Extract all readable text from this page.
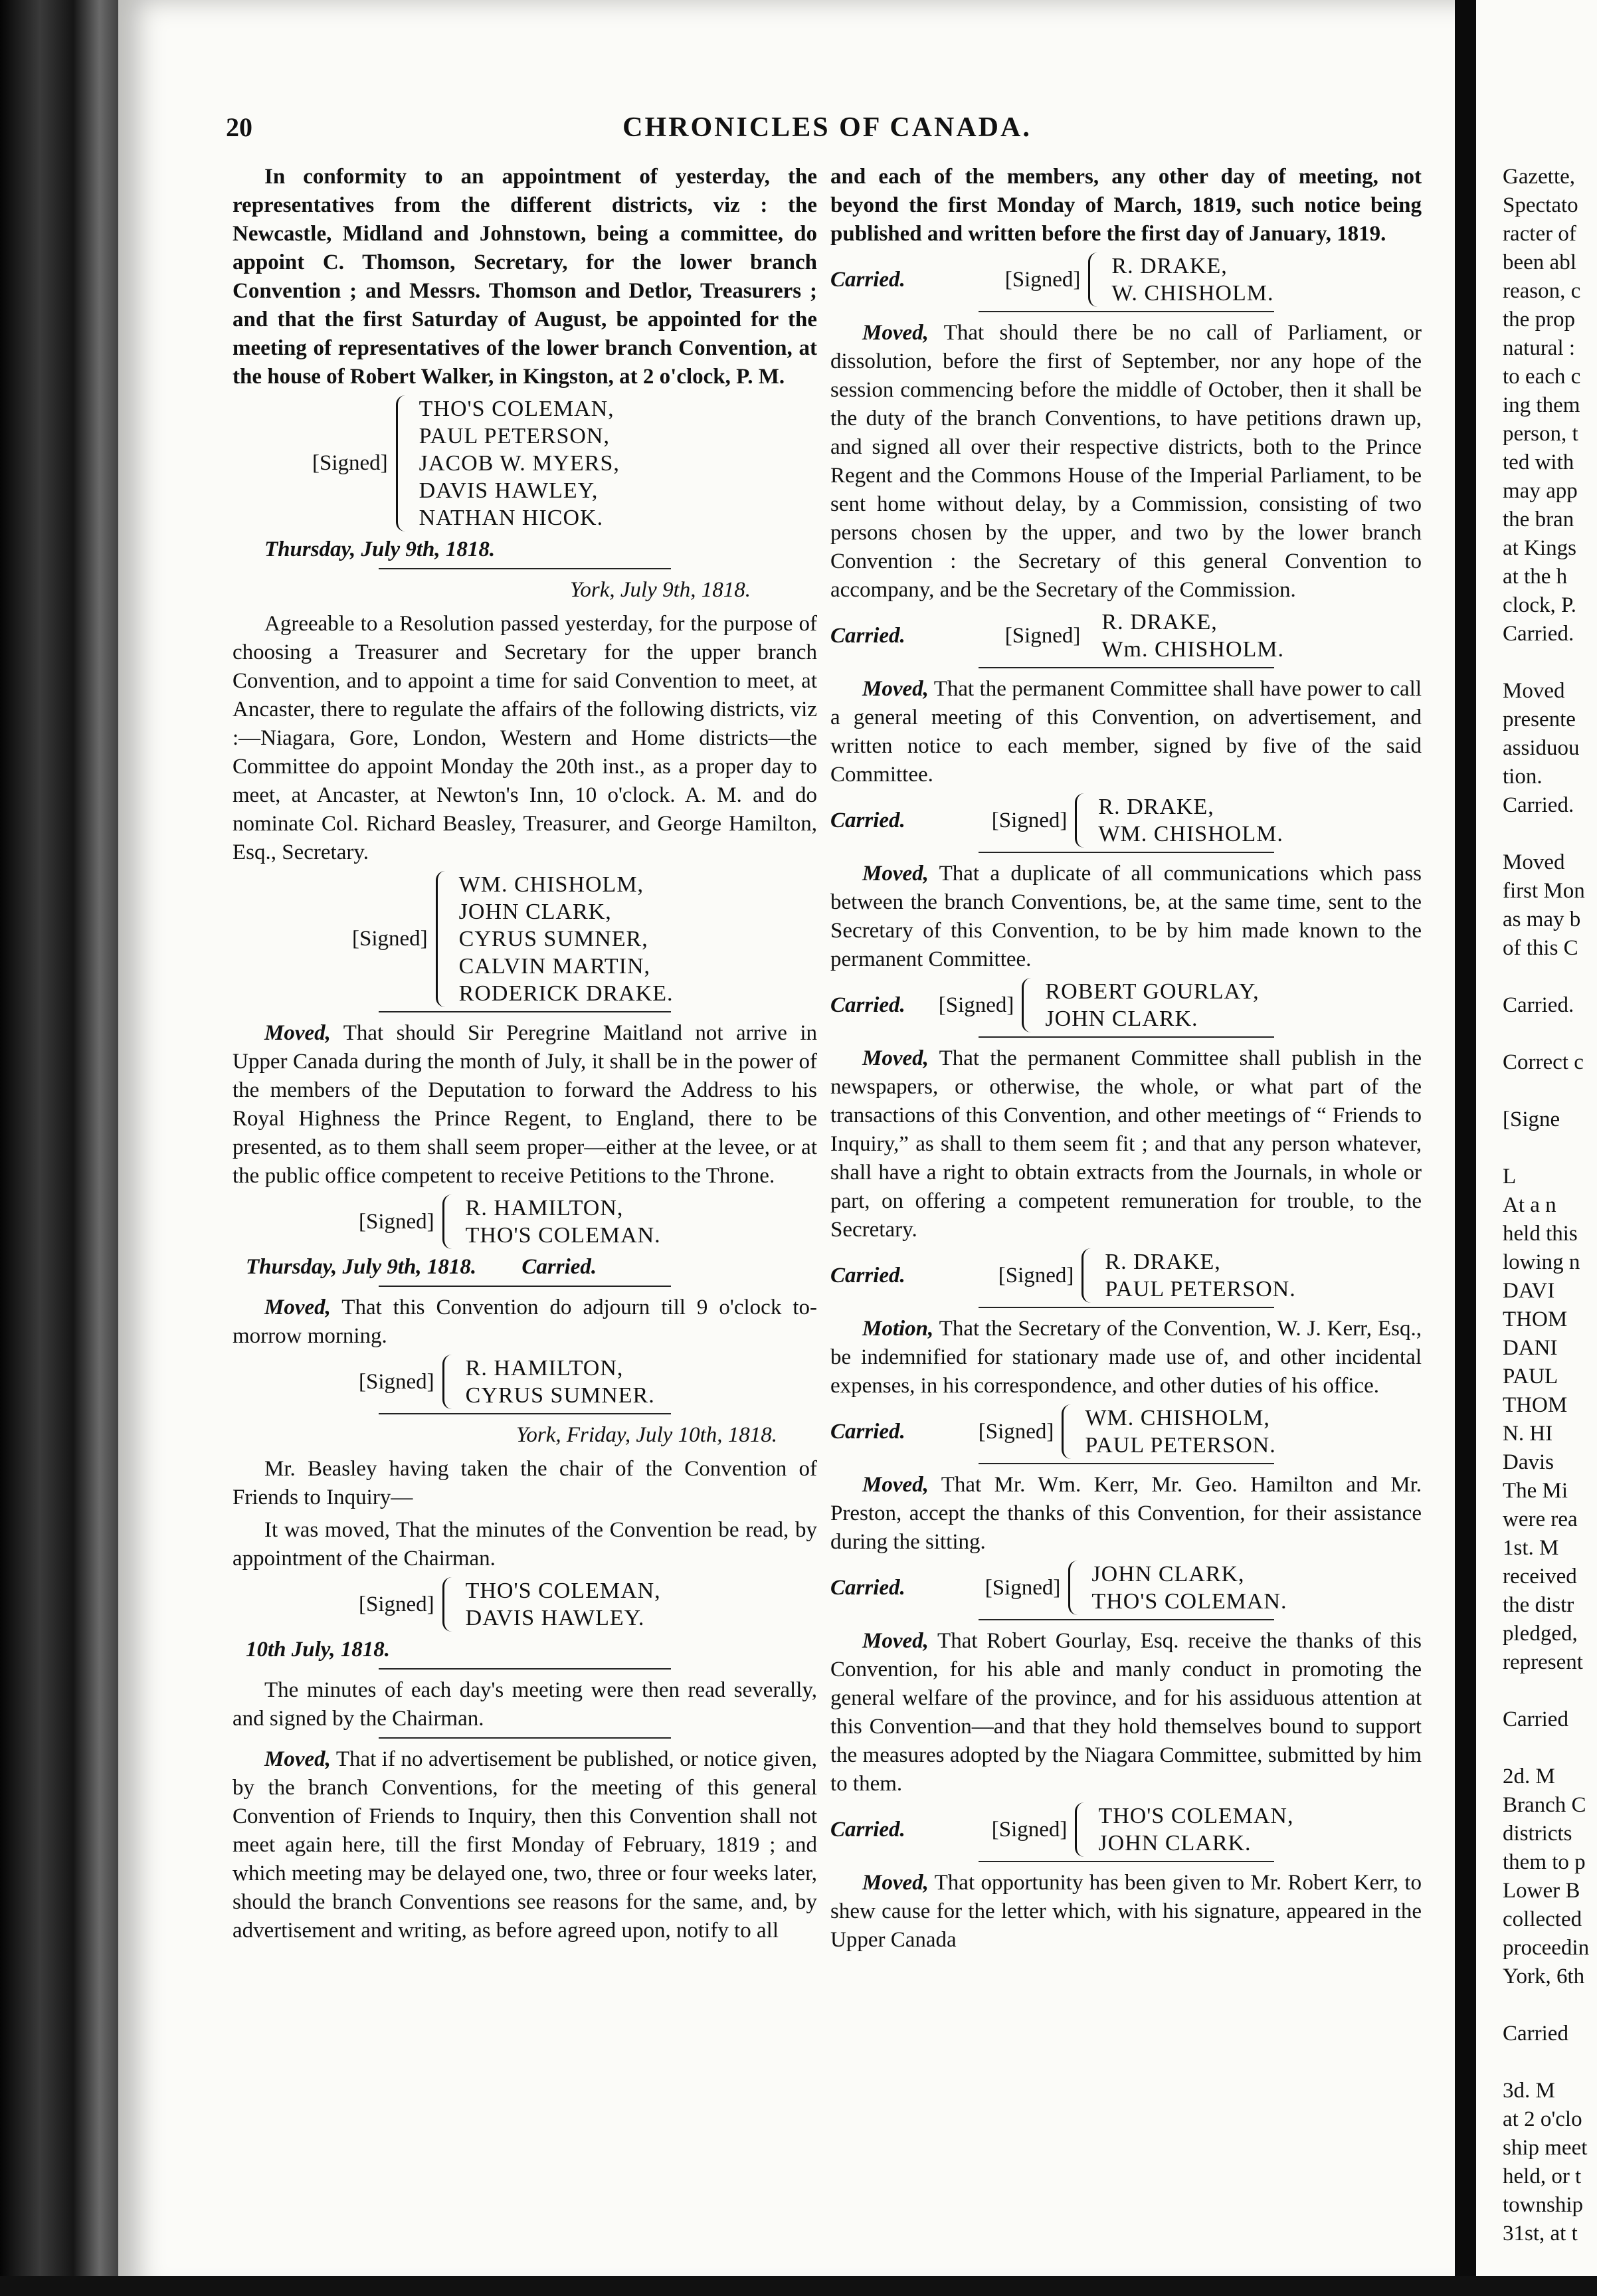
20	CHRONICLES OF CANADA.

In conformity to an appointment of yesterday, the representatives from the different districts, viz : the Newcastle, Midland and Johnstown, being a committee, do appoint C. Thomson, Secretary, for the lower branch Convention ; and Messrs. Thomson and Detlor, Treasurers ; and that the first Saturday of August, be appointed for the meeting of representatives of the lower branch Convention, at the house of Robert Walker, in Kingston, at 2 o'clock, P. M.

[Signed]
THO'S COLEMAN,
PAUL PETERSON,
JACOB W. MYERS,
DAVIS HAWLEY,
NATHAN HICOK.
Thursday, July 9th, 1818.
York, July 9th, 1818.

Agreeable to a Resolution passed yesterday, for the purpose of choosing a Treasurer and Secretary for the upper branch Convention, and to appoint a time for said Convention to meet, at Ancaster, there to regulate the affairs of the following districts, viz :—Niagara, Gore, London, Western and Home districts—the Committee do appoint Monday the 20th inst., as a proper day to meet, at Ancaster, at Newton's Inn, 10 o'clock. A. M. and do nominate Col. Richard Beasley, Treasurer, and George Hamilton, Esq., Secretary.

[Signed]
WM. CHISHOLM,
JOHN CLARK,
CYRUS SUMNER,
CALVIN MARTIN,
RODERICK DRAKE.

Moved, That should Sir Peregrine Maitland not arrive in Upper Canada during the month of July, it shall be in the power of the members of the Deputation to forward the Address to his Royal Highness the Prince Regent, to England, there to be presented, as to them shall seem proper—either at the levee, or at the public office competent to receive Petitions to the Throne.

[Signed]
R. HAMILTON,
THO'S COLEMAN.
Thursday, July 9th, 1818. Carried.

Moved, That this Convention do adjourn till 9 o'clock to-morrow morning.

[Signed]
R. HAMILTON,
CYRUS SUMNER.
York, Friday, July 10th, 1818.

Mr. Beasley having taken the chair of the Convention of Friends to Inquiry—

It was moved, That the minutes of the Convention be read, by appointment of the Chairman.

[Signed]
THO'S COLEMAN,
DAVIS HAWLEY.
10th July, 1818.

The minutes of each day's meeting were then read severally, and signed by the Chairman.

Moved, That if no advertisement be published, or notice given, by the branch Conventions, for the meeting of this general Convention of Friends to Inquiry, then this Convention shall not meet again here, till the first Monday of February, 1819 ; and which meeting may be delayed one, two, three or four weeks later, should the branch Conventions see reasons for the same, and, by advertisement and writing, as before agreed upon, notify to all

and each of the members, any other day of meeting, not beyond the first Monday of March, 1819, such notice being published and written before the first day of January, 1819.

Carried.	[Signed]
R. DRAKE,
W. CHISHOLM.

Moved, That should there be no call of Parliament, or dissolution, before the first of September, nor any hope of the session commencing before the middle of October, then it shall be the duty of the branch Conventions, to have petitions drawn up, and signed all over their respective districts, both to the Prince Regent and the Commons House of the Imperial Parliament, to be sent home without delay, by a Commission, consisting of two persons chosen by the upper, and two by the lower branch Convention : the Secretary of this general Convention to accompany, and be the Secretary of the Commission.

Carried.	[Signed]
R. DRAKE,
Wm. CHISHOLM.

Moved, That the permanent Committee shall have power to call a general meeting of this Convention, on advertisement, and written notice to each member, signed by five of the said Committee.

Carried.	[Signed]
R. DRAKE,
WM. CHISHOLM.

Moved, That a duplicate of all communications which pass between the branch Conventions, be, at the same time, sent to the Secretary of this Convention, to be by him made known to the permanent Committee.

Carried. [Signed]
ROBERT GOURLAY,
JOHN CLARK.

Moved, That the permanent Committee shall publish in the newspapers, or otherwise, the whole, or what part of the transactions of this Convention, and other meetings of “ Friends to Inquiry,” as shall to them seem fit ; and that any person whatever, shall have a right to obtain extracts from the Journals, in whole or part, on offering a competent remuneration for trouble, to the Secretary.

Carried.	[Signed]
R. DRAKE,
PAUL PETERSON.

Motion, That the Secretary of the Convention, W. J. Kerr, Esq., be indemnified for stationary made use of, and other incidental expenses, in his correspondence, and other duties of his office.

Carried.	[Signed]
WM. CHISHOLM,
PAUL PETERSON.

Moved, That Mr. Wm. Kerr, Mr. Geo. Hamilton and Mr. Preston, accept the thanks of this Convention, for their assistance during the sitting.

Carried.	[Signed]
JOHN CLARK,
THO'S COLEMAN.

Moved, That Robert Gourlay, Esq. receive the thanks of this Convention, for his able and manly conduct in promoting the general welfare of the province, and for his assiduous attention at this Convention—and that they hold themselves bound to support the measures adopted by the Niagara Committee, submitted by him to them.

Carried.	[Signed]
THO'S COLEMAN,
JOHN CLARK.

Moved, That opportunity has been given to Mr. Robert Kerr, to shew cause for the letter which, with his signature, appeared in the Upper Canada

Gazette,
Spectato
racter of
been abl
reason, c
the prop
natural :
to each c
ing them
person, t
ted with
may app
the bran
at Kings
at the h
clock, P.
Carried.
Moved
presente
assiduou
tion.
Carried.
Moved
first Mon
as may b
of this C
Carried.
Correct c
[Signe
L
At a n
held this
lowing n
DAVI
THOM
DANI
PAUL
THOM
N. HI
Davis
The Mi
were rea
1st. M
received
the distr
pledged,
represent
Carried
2d. M
Branch C
districts
them to p
Lower B
collected
proceedin
York, 6th
Carried
3d. M
at 2 o'clo
ship meet
held, or t
township
31st, at t
